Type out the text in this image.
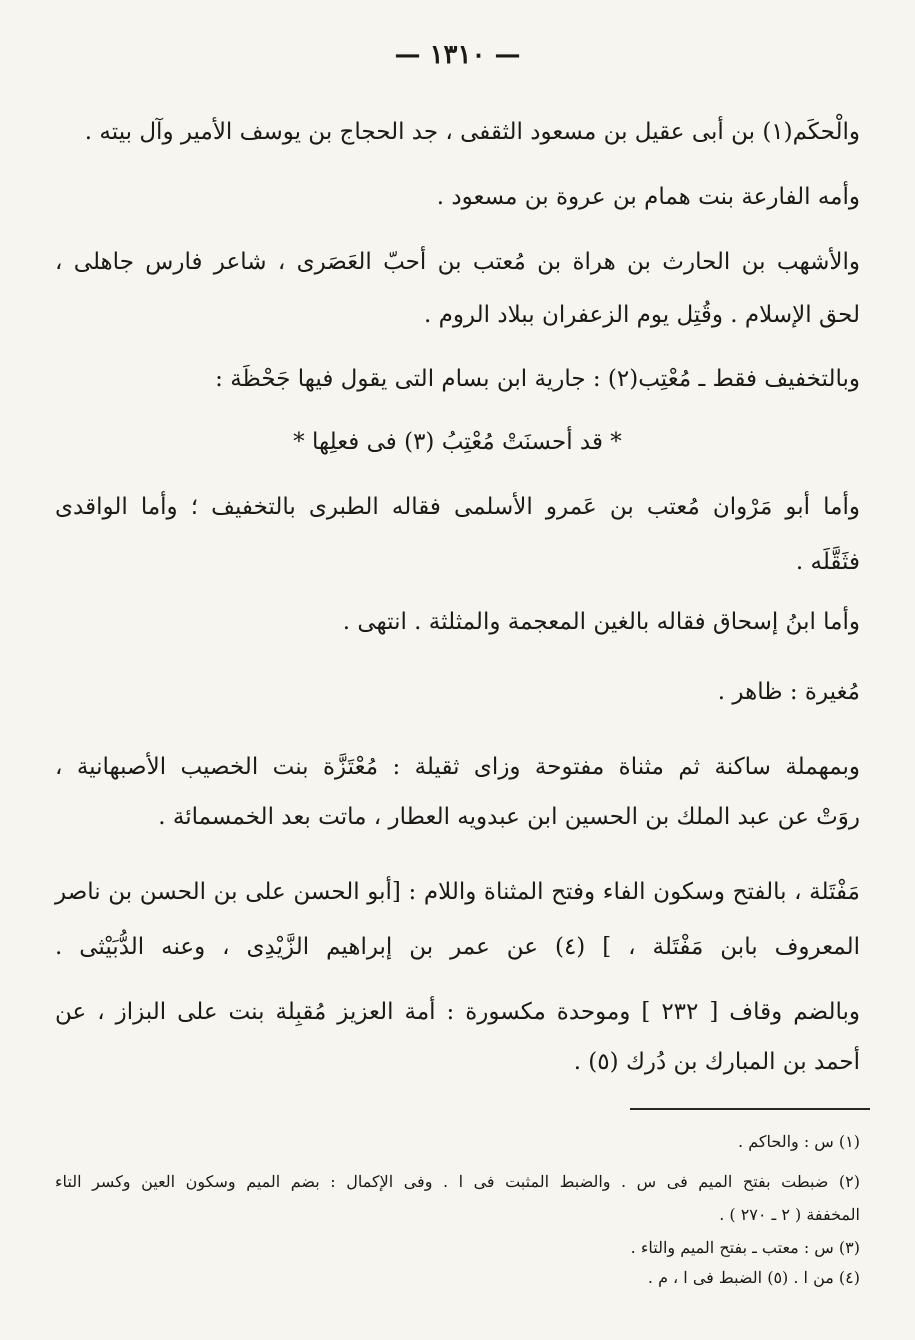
— ١٣١٠ —
والْحكَم(١) بن أبى عقيل بن مسعود الثقفى ، جد الحجاج بن يوسف الأمير وآل بيته .
وأمه الفارعة بنت همام بن عروة بن مسعود .
والأشهب بن الحارث بن هراة بن مُعتب بن أحبّ العَصَرى ، شاعر فارس جاهلى ،
لحق الإسلام . وقُتِل يوم الزعفران ببلاد الروم .
وبالتخفيف فقط ـ مُعْتِب(٢) : جارية ابن بسام التى يقول فيها جَحْظَة :
* قد أحسنَتْ مُعْتِبُ (٣) فى فعلِها *
وأما أبو مَرْوان مُعتب بن عَمرو الأسلمى فقاله الطبرى بالتخفيف ؛ وأما الواقدى
فثَقَّلَه .
وأما ابنُ إسحاق فقاله بالغين المعجمة والمثلثة . انتهى .
مُغيرة : ظاهر .
وبمهملة ساكنة ثم مثناة مفتوحة وزاى ثقيلة : مُعْتَزَّة بنت الخصيب الأصبهانية ،
روَتْ عن عبد الملك بن الحسين ابن عبدويه العطار ، ماتت بعد الخمسمائة .
مَفْتَلة ، بالفتح وسكون الفاء وفتح المثناة واللام : [أبو الحسن على بن الحسن بن ناصر
المعروف بابن مَفْتَلة ، ] (٤) عن عمر بن إبراهيم الزَّيْدِى ، وعنه الدُّبَيْثى .
وبالضم وقاف [ ٢٣٢ ] وموحدة مكسورة : أمة العزيز مُقبِلة بنت على البزاز ، عن
أحمد بن المبارك بن دُرك (٥) .
(١) س : والحاكم .
(٢) ضبطت بفتح الميم فى س . والضبط المثبت فى ا . وفى الإكمال : بضم الميم وسكون العين وكسر التاء
المخففة ( ٢ ـ ٢٧٠ ) .
(٣) س : معتب ـ بفتح الميم والتاء .
(٤) من ا . (٥) الضبط فى ا ، م .
